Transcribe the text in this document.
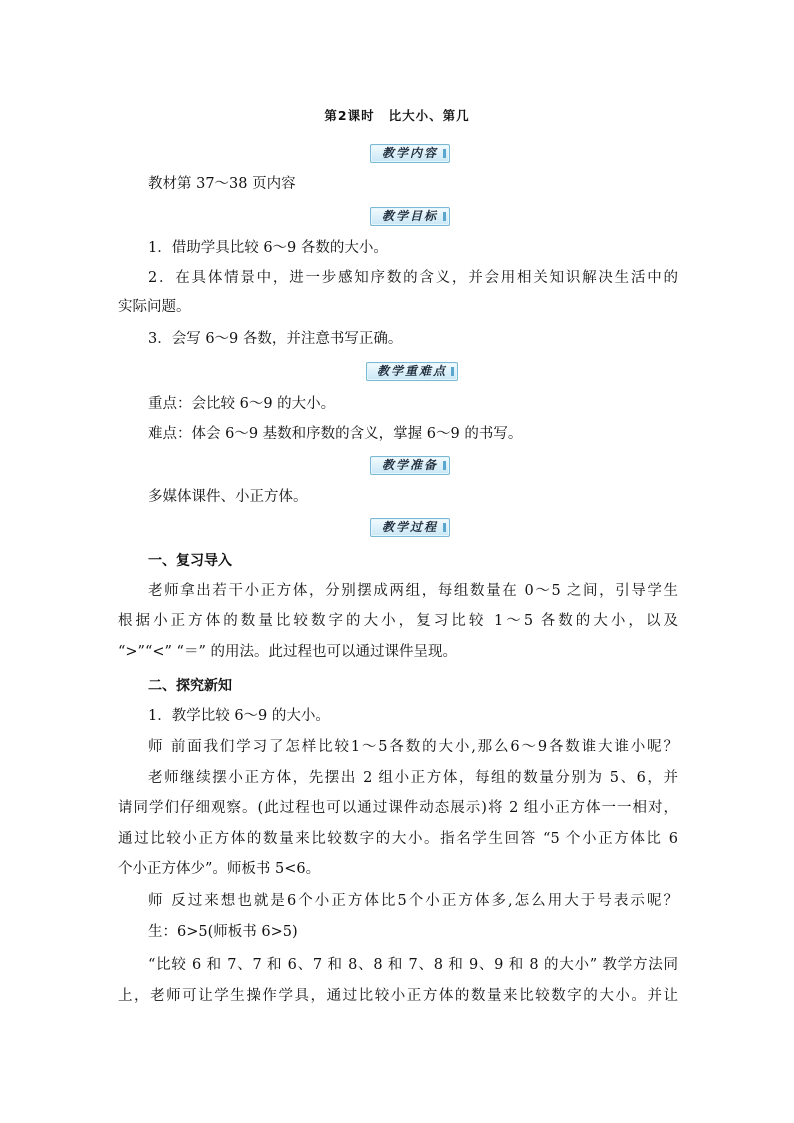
第2课时 比大小、第几
教学内容
教材第 37～38 页内容
教学目标
1．借助学具比较 6～9 各数的大小。
2．在具体情景中，进一步感知序数的含义，并会用相关知识解决生活中的
实际问题。
3．会写 6～9 各数，并注意书写正确。
教学重难点
重点：会比较 6～9 的大小。
难点：体会 6～9 基数和序数的含义，掌握 6～9 的书写。
教学准备
多媒体课件、小正方体。
教学过程
一、复习导入
老师拿出若干小正方体，分别摆成两组，每组数量在 0～5 之间，引导学生
根据小正方体的数量比较数字的大小，复习比较 1～5 各数的大小，以及
“>”“<” “＝” 的用法。此过程也可以通过课件呈现。
二、探究新知
1．教学比较 6～9 的大小。
师 前面我们学习了怎样比较1～5各数的大小,那么6～9各数谁大谁小呢？
老师继续摆小正方体，先摆出 2 组小正方体，每组的数量分别为 5、6，并
请同学们仔细观察。(此过程也可以通过课件动态展示)将 2 组小正方体一一相对，
通过比较小正方体的数量来比较数字的大小。指名学生回答 “5 个小正方体比 6
个小正方体少”。师板书 5<6。
师 反过来想也就是6个小正方体比5个小正方体多,怎么用大于号表示呢？
生：6>5(师板书 6>5)
“比较 6 和 7、7 和 6、7 和 8、8 和 7、8 和 9、9 和 8 的大小” 教学方法同
上，老师可让学生操作学具，通过比较小正方体的数量来比较数字的大小。并让
